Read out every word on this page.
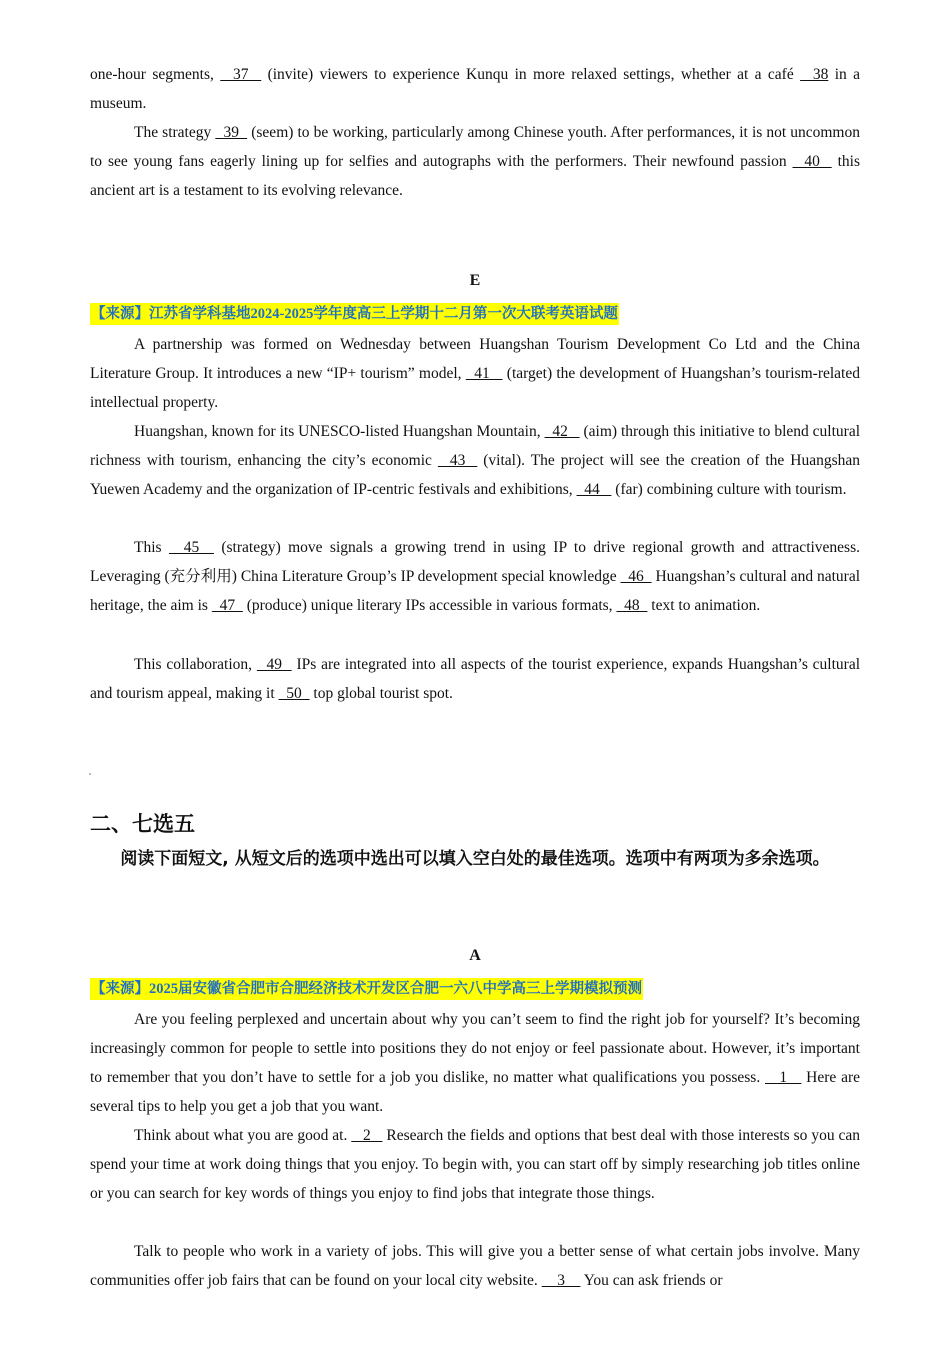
one-hour segments,   37   (invite) viewers to experience Kunqu in more relaxed settings, whether at a café   38 in a museum.

The strategy   39   (seem) to be working, particularly among Chinese youth. After performances, it is not uncommon to see young fans eagerly lining up for selfies and autographs with the performers. Their newfound passion   40   this ancient art is a testament to its evolving relevance.

E
【来源】江苏省学科基地2024-2025学年度高三上学期十二月第一次大联考英语试题

A partnership was formed on Wednesday between Huangshan Tourism Development Co Ltd and the China Literature Group. It introduces a new “IP+ tourism” model,   41    (target) the development of Huangshan’s tourism-related intellectual property.

Huangshan, known for its UNESCO-listed Huangshan Mountain,   42    (aim) through this initiative to blend cultural richness with tourism, enhancing the city’s economic   43   (vital). The project will see the creation of the Huangshan Yuewen Academy and the organization of IP-centric festivals and exhibitions,   44    (far) combining culture with tourism.

This   45   (strategy) move signals a growing trend in using IP to drive regional growth and attractiveness. Leveraging (充分利用) China Literature Group’s IP development special knowledge   46   Huangshan’s cultural and natural heritage, the aim is   47   (produce) unique literary IPs accessible in various formats,   48   text to animation.

This collaboration,   49   IPs are integrated into all aspects of the tourist experience, expands Huangshan’s cultural and tourism appeal, making it   50   top global tourist spot.

二、七选五
阅读下面短文, 从短文后的选项中选出可以填入空白处的最佳选项。选项中有两项为多余选项。
A
【来源】2025届安徽省合肥市合肥经济技术开发区合肥一六八中学高三上学期模拟预测

Are you feeling perplexed and uncertain about why you can’t seem to find the right job for yourself? It’s becoming increasingly common for people to settle into positions they do not enjoy or feel passionate about. However, it’s important to remember that you don’t have to settle for a job you dislike, no matter what qualifications you possess.    1    Here are several tips to help you get a job that you want.

Think about what you are good at.    2    Research the fields and options that best deal with those interests so you can spend your time at work doing things that you enjoy. To begin with, you can start off by simply researching job titles online or you can search for key words of things you enjoy to find jobs that integrate those things.

Talk to people who work in a variety of jobs. This will give you a better sense of what certain jobs involve. Many communities offer job fairs that can be found on your local city website.     3     You can ask friends or
